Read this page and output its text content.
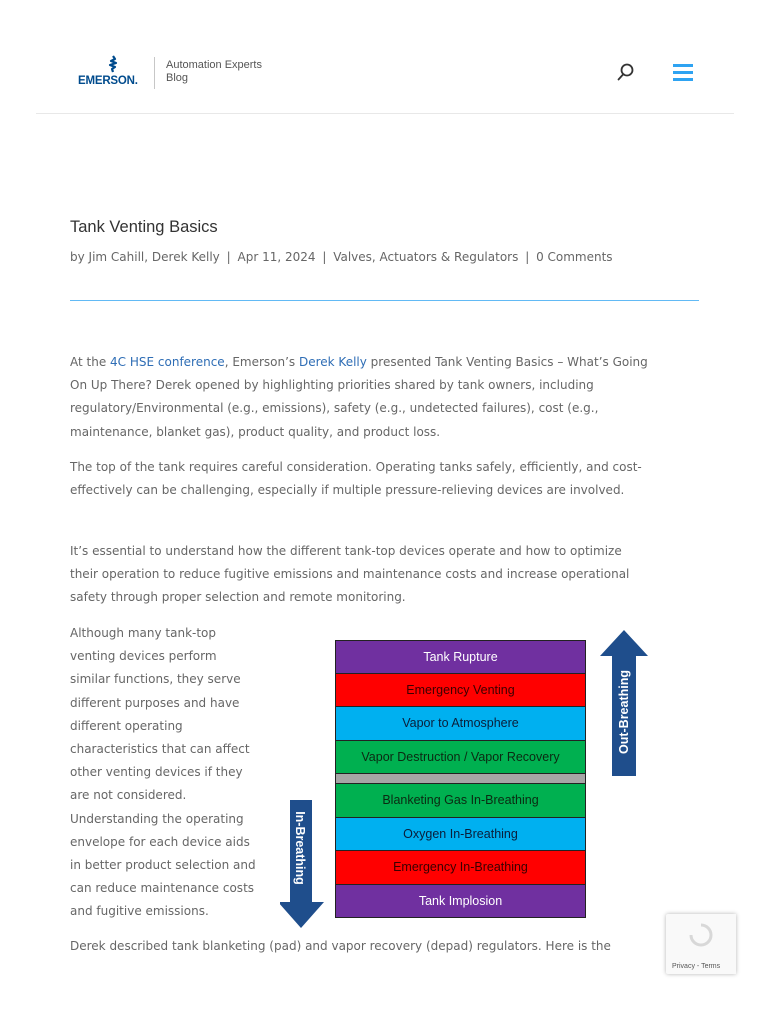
EMERSON.
Automation Experts
Blog
Tank Venting Basics
by Jim Cahill, Derek Kelly | Apr 11, 2024 | Valves, Actuators & Regulators | 0 Comments

At the 4C HSE conference, Emerson’s Derek Kelly presented Tank Venting Basics – What’s Going On Up There? Derek opened by highlighting priorities shared by tank owners, including regulatory/Environmental (e.g., emissions), safety (e.g., undetected failures), cost (e.g., maintenance, blanket gas), product quality, and product loss.

The top of the tank requires careful consideration. Operating tanks safely, efficiently, and cost-effectively can be challenging, especially if multiple pressure-relieving devices are involved.

It’s essential to understand how the different tank-top devices operate and how to optimize their operation to reduce fugitive emissions and maintenance costs and increase operational safety through proper selection and remote monitoring.

Although many tank-top venting devices perform similar functions, they serve different purposes and have different operating characteristics that can affect other venting devices if they are not considered. Understanding the operating envelope for each device aids in better product selection and can reduce maintenance costs and fugitive emissions.

Tank Rupture
Emergency Venting
Vapor to Atmosphere
Vapor Destruction / Vapor Recovery
Blanketing Gas In-Breathing
Oxygen In-Breathing
Emergency In-Breathing
Tank Implosion
Out-Breathing
In-Breathing

Derek described tank blanketing (pad) and vapor recovery (depad) regulators. Here is the

Privacy - Terms
